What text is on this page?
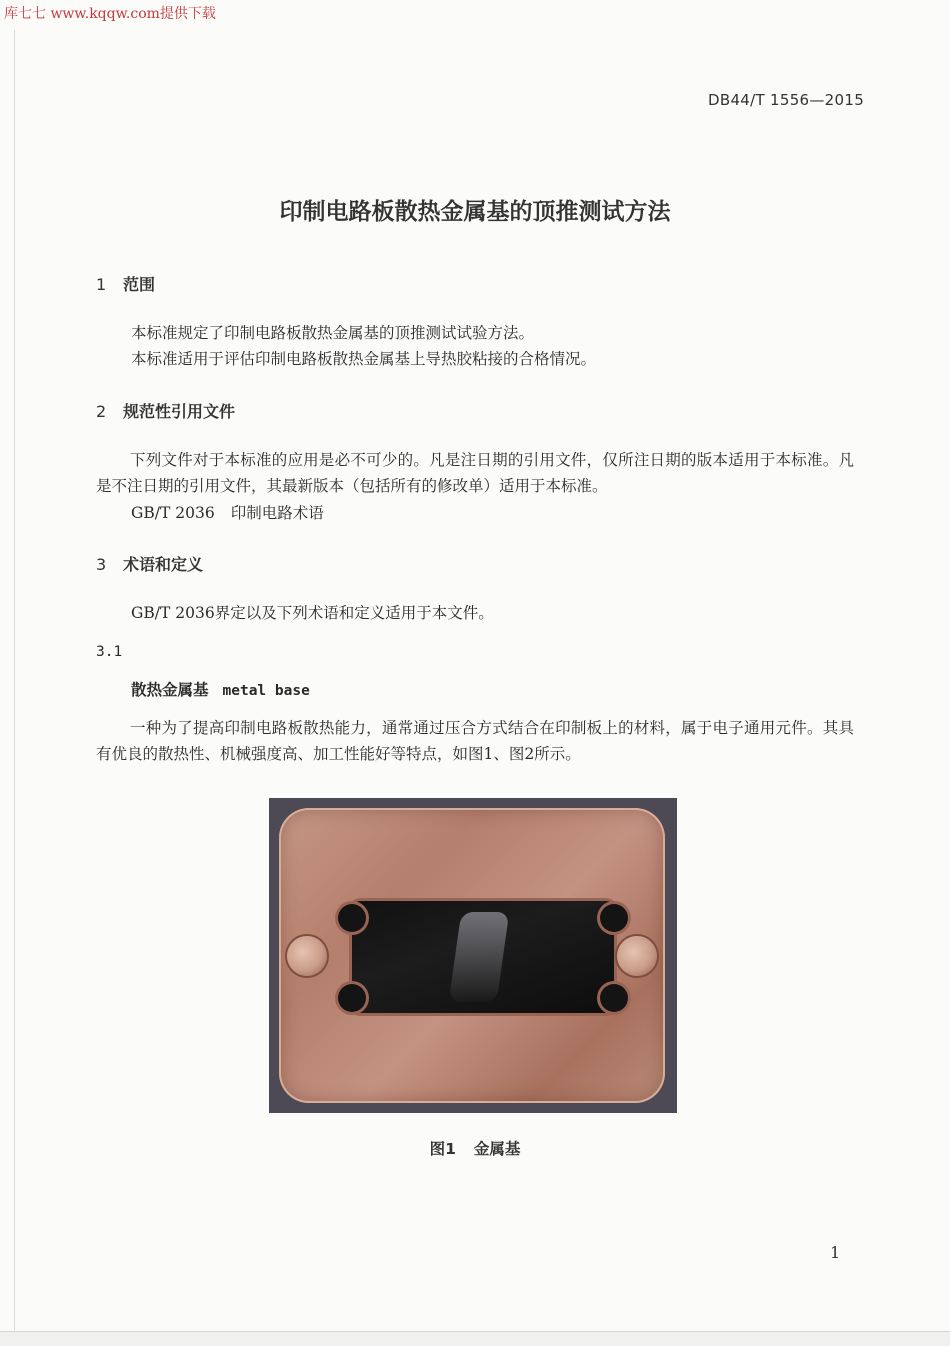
库七七 www.kqqw.com提供下载
DB44/T 1556—2015
印制电路板散热金属基的顶推测试方法
1 范围
本标准规定了印制电路板散热金属基的顶推测试试验方法。
本标准适用于评估印制电路板散热金属基上导热胶粘接的合格情况。
2 规范性引用文件
下列文件对于本标准的应用是必不可少的。凡是注日期的引用文件，仅所注日期的版本适用于本标准。凡是不注日期的引用文件，其最新版本（包括所有的修改单）适用于本标准。
GB/T 2036 印制电路术语
3 术语和定义
GB/T 2036界定以及下列术语和定义适用于本文件。
3.1
散热金属基 metal base
一种为了提高印制电路板散热能力，通常通过压合方式结合在印制板上的材料，属于电子通用元件。其具有优良的散热性、机械强度高、加工性能好等特点，如图1、图2所示。
图1 金属基
1
